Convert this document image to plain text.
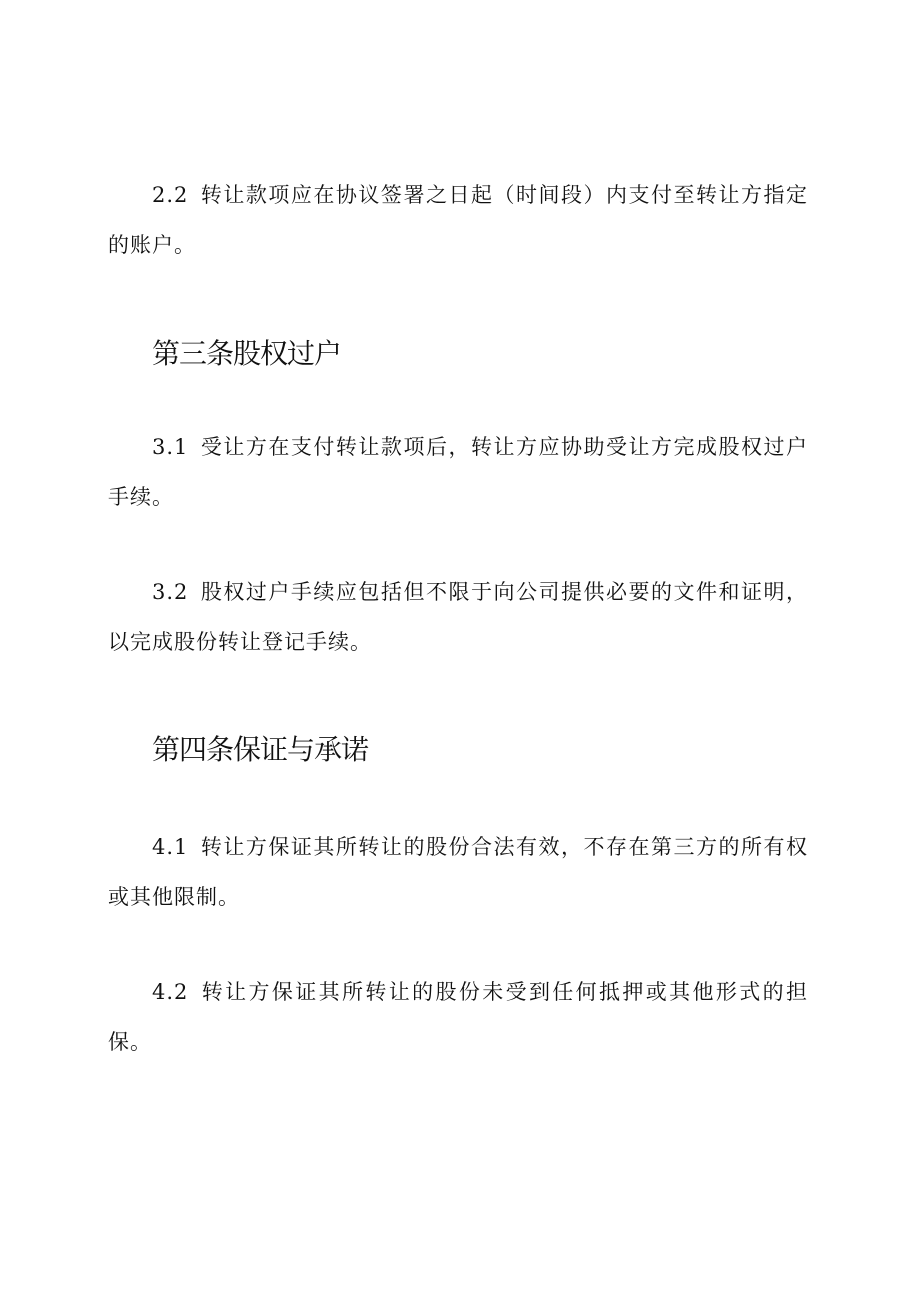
2.2 转让款项应在协议签署之日起（时间段）内支付至转让方指定的账户。

第三条股权过户

3.1 受让方在支付转让款项后，转让方应协助受让方完成股权过户手续。

3.2 股权过户手续应包括但不限于向公司提供必要的文件和证明，以完成股份转让登记手续。

第四条保证与承诺

4.1 转让方保证其所转让的股份合法有效，不存在第三方的所有权或其他限制。

4.2 转让方保证其所转让的股份未受到任何抵押或其他形式的担保。
